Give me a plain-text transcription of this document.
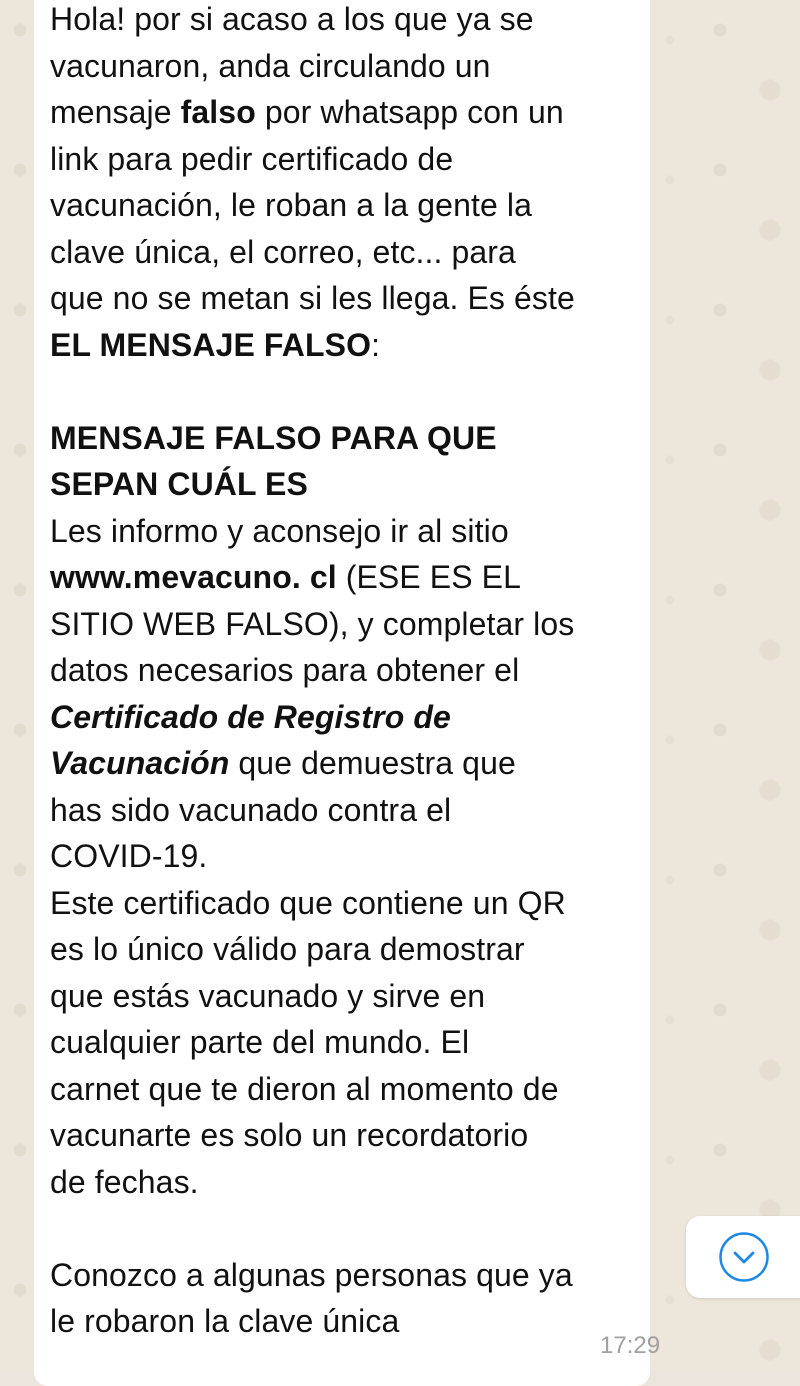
Hola! por si acaso a los que ya se
vacunaron, anda circulando un
mensaje falso por whatsapp con un
link para pedir certificado de
vacunación, le roban a la gente la
clave única, el correo, etc... para
que no se metan si les llega. Es éste
EL MENSAJE FALSO:
MENSAJE FALSO PARA QUE
SEPAN CUÁL ES
Les informo y aconsejo ir al sitio
www.mevacuno. cl (ESE ES EL
SITIO WEB FALSO), y completar los
datos necesarios para obtener el
Certificado de Registro de
Vacunación que demuestra que
has sido vacunado contra el
COVID-19.
Este certificado que contiene un QR
es lo único válido para demostrar
que estás vacunado y sirve en
cualquier parte del mundo. El
carnet que te dieron al momento de
vacunarte es solo un recordatorio
de fechas.
Conozco a algunas personas que ya
le robaron la clave única
17:29
